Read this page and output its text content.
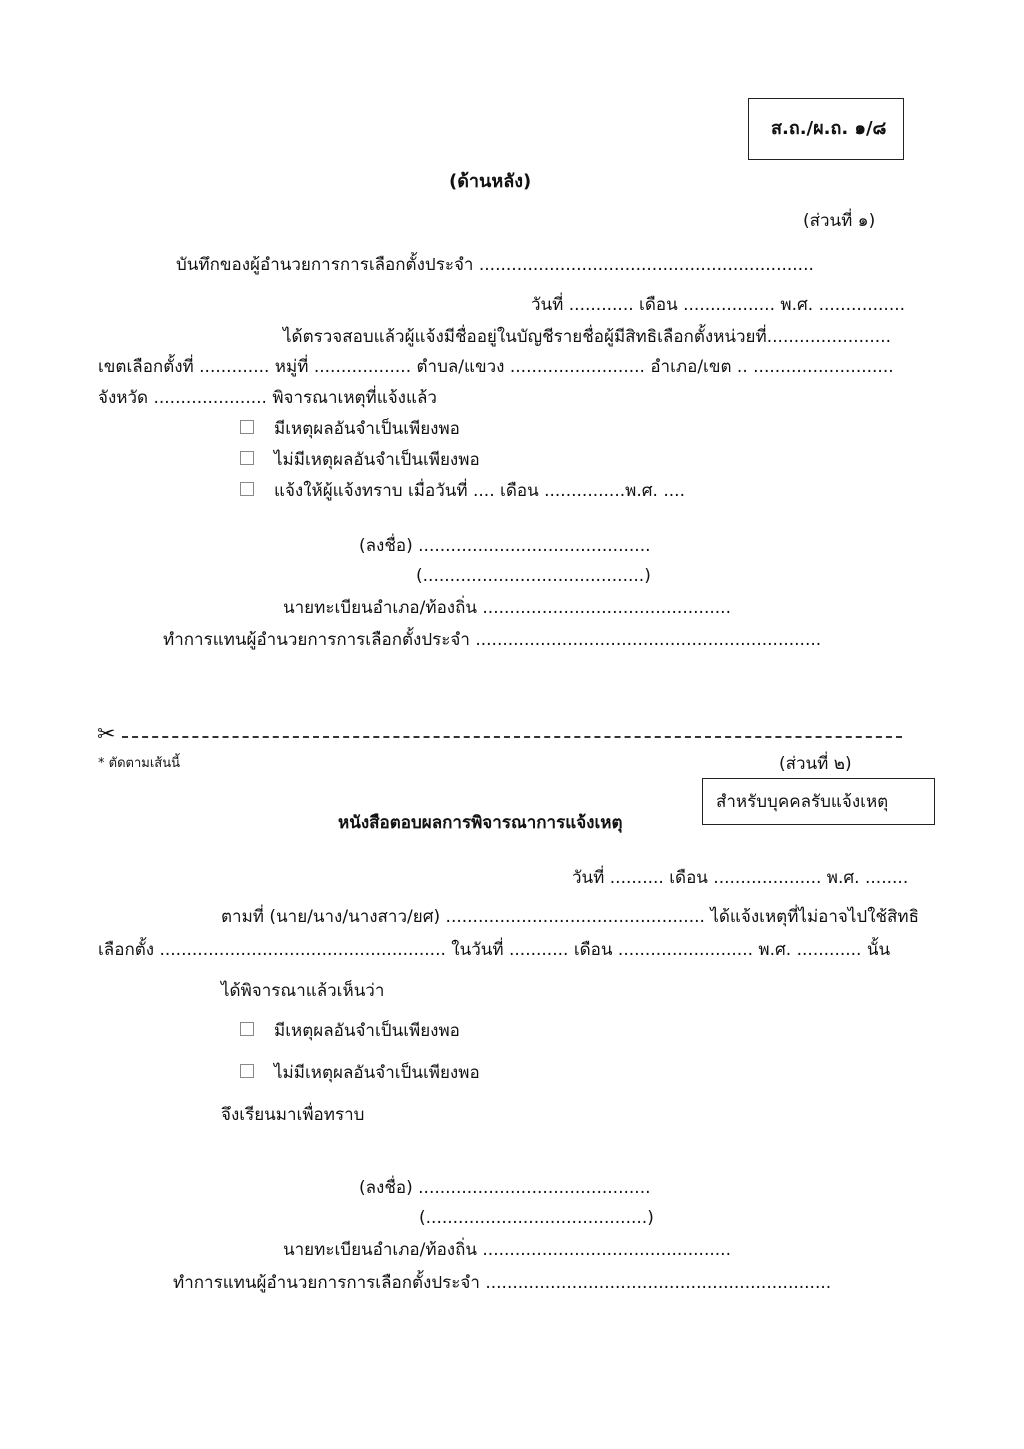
ส.ถ./ผ.ถ. ๑/๘
(ด้านหลัง)
(ส่วนที่ ๑)
บันทึกของผู้อำนวยการการเลือกตั้งประจำ ..............................................................
วันที่ ............ เดือน ................. พ.ศ. ................
ได้ตรวจสอบแล้วผู้แจ้งมีชื่ออยู่ในบัญชีรายชื่อผู้มีสิทธิเลือกตั้งหน่วยที่.......................
เขตเลือกตั้งที่ ............. หมู่ที่ .................. ตำบล/แขวง ......................... อำเภอ/เขต .. ..........................
จังหวัด ..................... พิจารณาเหตุที่แจ้งแล้ว
มีเหตุผลอันจำเป็นเพียงพอ
ไม่มีเหตุผลอันจำเป็นเพียงพอ
แจ้งให้ผู้แจ้งทราบ เมื่อวันที่ .... เดือน ...............พ.ศ. ....
(ลงชื่อ) ...........................................
(.........................................)
นายทะเบียนอำเภอ/ท้องถิ่น ..............................................
ทำการแทนผู้อำนวยการการเลือกตั้งประจำ ................................................................
✂
* ตัดตามเส้นนี้	(ส่วนที่ ๒)
สำหรับบุคคลรับแจ้งเหตุ
หนังสือตอบผลการพิจารณาการแจ้งเหตุ
วันที่ .......... เดือน .................... พ.ศ. ........
ตามที่ (นาย/นาง/นางสาว/ยศ) ................................................ ได้แจ้งเหตุที่ไม่อาจไปใช้สิทธิ
เลือกตั้ง ..................................................... ในวันที่ ........... เดือน ......................... พ.ศ. ............ นั้น
ได้พิจารณาแล้วเห็นว่า
มีเหตุผลอันจำเป็นเพียงพอ
ไม่มีเหตุผลอันจำเป็นเพียงพอ
จึงเรียนมาเพื่อทราบ
(ลงชื่อ) ...........................................
(.........................................)
นายทะเบียนอำเภอ/ท้องถิ่น ..............................................
ทำการแทนผู้อำนวยการการเลือกตั้งประจำ ................................................................
